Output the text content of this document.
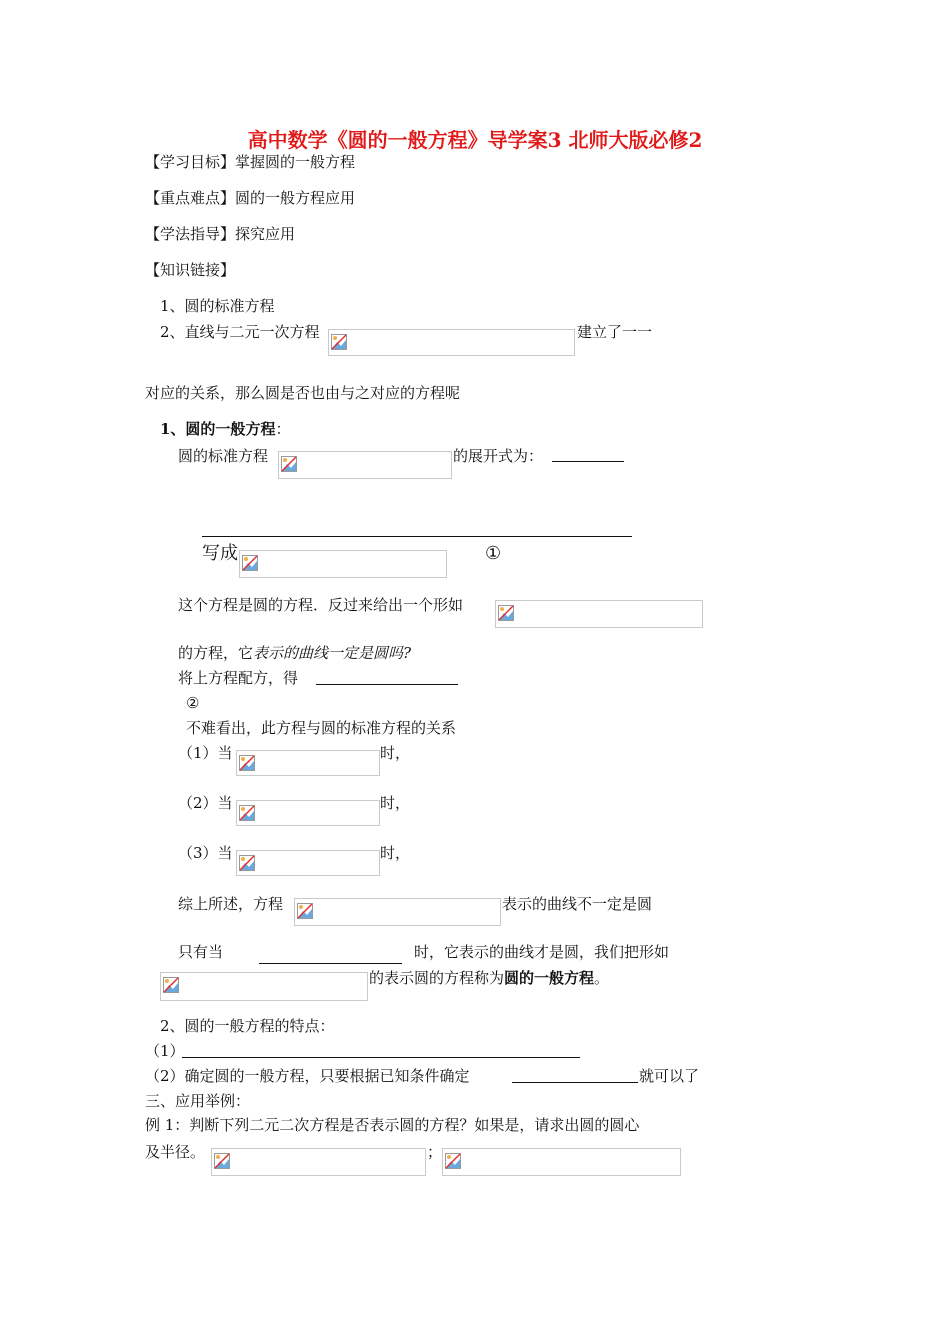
高中数学《圆的一般方程》导学案3 北师大版必修2
【学习目标】掌握圆的一般方程
【重点难点】圆的一般方程应用
【学法指导】探究应用
【知识链接】
1、圆的标准方程
2、直线与二元一次方程	建立了一一
对应的关系，那么圆是否也由与之对应的方程呢
1、圆的一般方程：
圆的标准方程	的展开式为：
写成	①
这个方程是圆的方程．反过来给出一个形如
的方程，它表示的曲线一定是圆吗?
将上方程配方，得
②
不难看出，此方程与圆的标准方程的关系
（1）当	时，
（2）当	时，
（3）当	时，
综上所述，方程	表示的曲线不一定是圆
只有当	时，它表示的曲线才是圆，我们把形如
的表示圆的方程称为圆的一般方程。
2、圆的一般方程的特点：
（1）
（2）确定圆的一般方程，只要根据已知条件确定	就可以了
三、应用举例：
例 1：判断下列二元二次方程是否表示圆的方程？如果是，请求出圆的圆心
及半径。	；
